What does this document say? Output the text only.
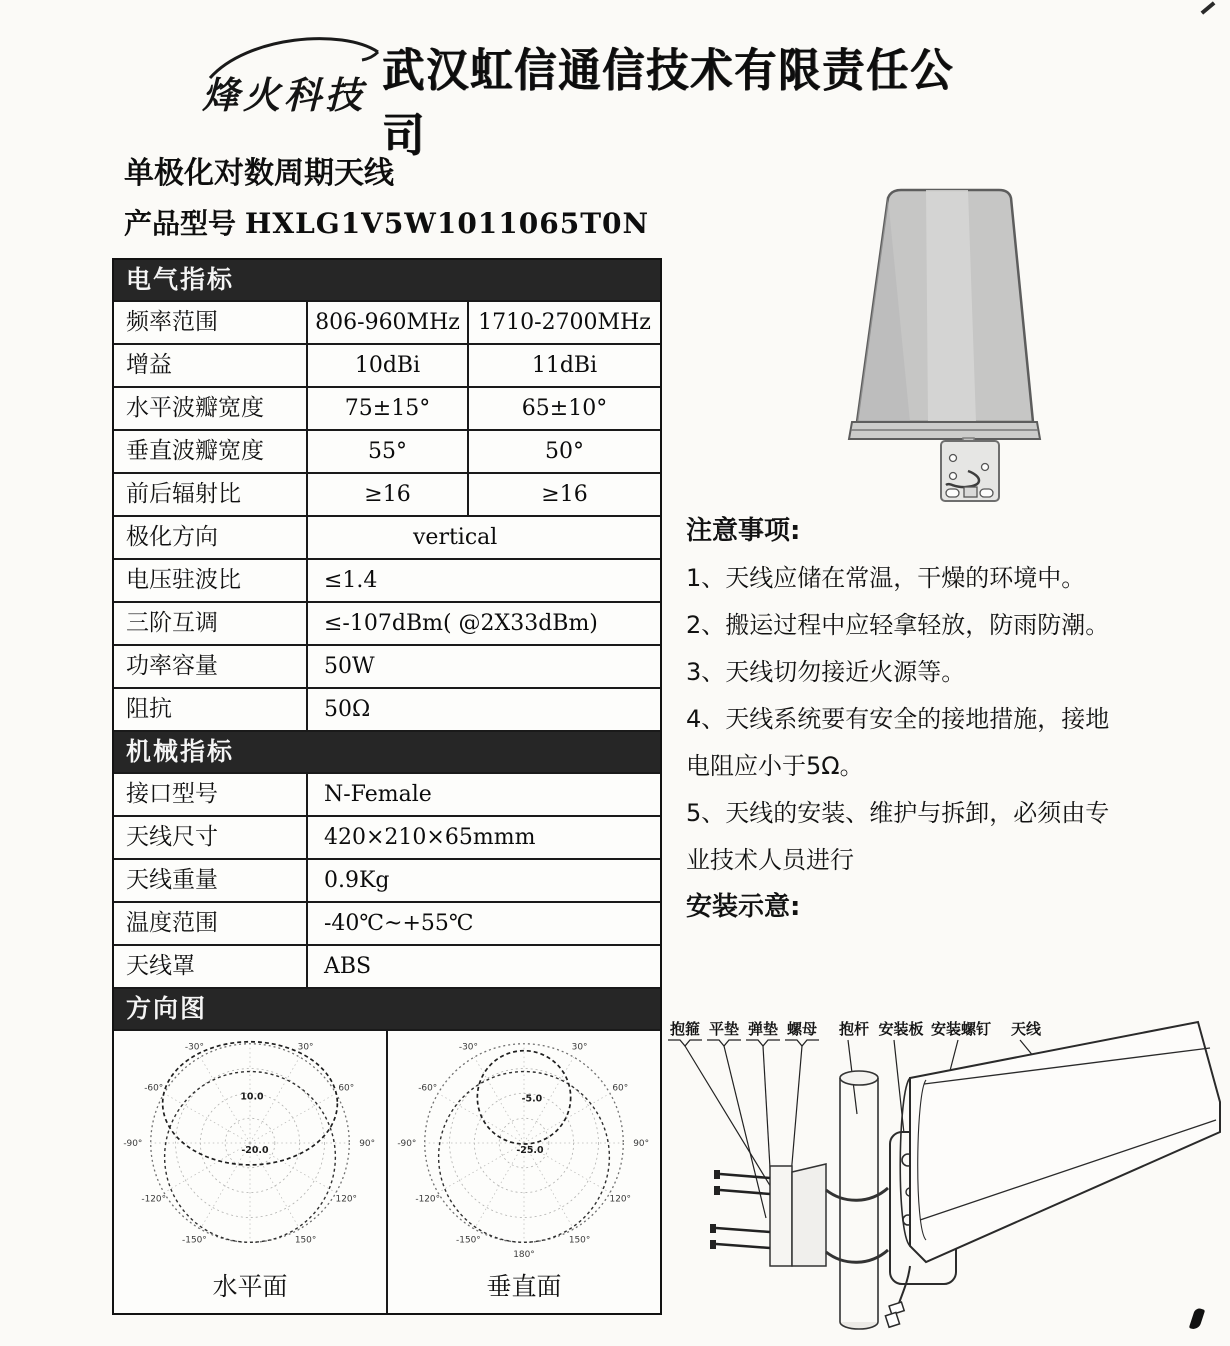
烽火科技 武汉虹信通信技术有限责任公司
单极化对数周期天线
产品型号 HXLG1V5W1011065T0N
电气指标
频率范围	806-960MHz 1710-2700MHz
增益	10dBi	11dBi
水平波瓣宽度	75±15°	65±10°
垂直波瓣宽度	55°	50°
前后辐射比	≥16	≥16
极化方向	vertical
电压驻波比	≤1.4
三阶互调	≤-107dBm( @2X33dBm)
功率容量	50W
阻抗	50Ω
机械指标
接口型号	N-Female
天线尺寸	420×210×65mmm
天线重量	0.9Kg
温度范围	-40℃~+55℃
天线罩	ABS
方向图
-30°	30°
-60°	60°
-90°	90°
-120°	120°
-150°	150°
10.0
-20.0
水平面
-30°	30°
-60°	60°
-90°	90°
-120°	120°
-150°	150°
180°
-5.0
-25.0
垂直面

注意事项:

1、天线应储在常温，干燥的环境中。

2、搬运过程中应轻拿轻放，防雨防潮。

3、天线切勿接近火源等。

4、天线系统要有安全的接地措施，接地电阻应小于5Ω。

5、天线的安装、维护与拆卸，必须由专业技术人员进行

安装示意:

抱箍 平垫 弹垫 螺母 抱杆 安装板 安装螺钉 天线
